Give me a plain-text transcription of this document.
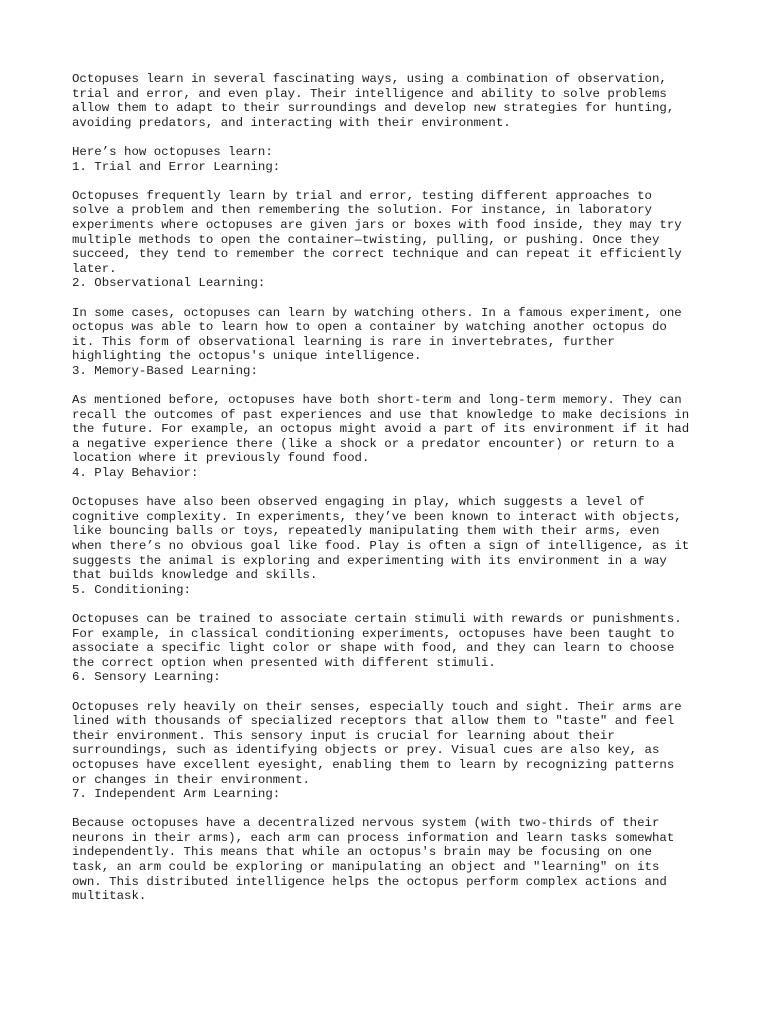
Octopuses learn in several fascinating ways, using a combination of observation,
trial and error, and even play. Their intelligence and ability to solve problems
allow them to adapt to their surroundings and develop new strategies for hunting,
avoiding predators, and interacting with their environment.
Here’s how octopuses learn:
1. Trial and Error Learning:
Octopuses frequently learn by trial and error, testing different approaches to
solve a problem and then remembering the solution. For instance, in laboratory
experiments where octopuses are given jars or boxes with food inside, they may try
multiple methods to open the container—twisting, pulling, or pushing. Once they
succeed, they tend to remember the correct technique and can repeat it efficiently
later.
2. Observational Learning:
In some cases, octopuses can learn by watching others. In a famous experiment, one
octopus was able to learn how to open a container by watching another octopus do
it. This form of observational learning is rare in invertebrates, further
highlighting the octopus's unique intelligence.
3. Memory-Based Learning:
As mentioned before, octopuses have both short-term and long-term memory. They can
recall the outcomes of past experiences and use that knowledge to make decisions in
the future. For example, an octopus might avoid a part of its environment if it had
a negative experience there (like a shock or a predator encounter) or return to a
location where it previously found food.
4. Play Behavior:
Octopuses have also been observed engaging in play, which suggests a level of
cognitive complexity. In experiments, they’ve been known to interact with objects,
like bouncing balls or toys, repeatedly manipulating them with their arms, even
when there’s no obvious goal like food. Play is often a sign of intelligence, as it
suggests the animal is exploring and experimenting with its environment in a way
that builds knowledge and skills.
5. Conditioning:
Octopuses can be trained to associate certain stimuli with rewards or punishments.
For example, in classical conditioning experiments, octopuses have been taught to
associate a specific light color or shape with food, and they can learn to choose
the correct option when presented with different stimuli.
6. Sensory Learning:
Octopuses rely heavily on their senses, especially touch and sight. Their arms are
lined with thousands of specialized receptors that allow them to "taste" and feel
their environment. This sensory input is crucial for learning about their
surroundings, such as identifying objects or prey. Visual cues are also key, as
octopuses have excellent eyesight, enabling them to learn by recognizing patterns
or changes in their environment.
7. Independent Arm Learning:
Because octopuses have a decentralized nervous system (with two-thirds of their
neurons in their arms), each arm can process information and learn tasks somewhat
independently. This means that while an octopus's brain may be focusing on one
task, an arm could be exploring or manipulating an object and "learning" on its
own. This distributed intelligence helps the octopus perform complex actions and
multitask.
